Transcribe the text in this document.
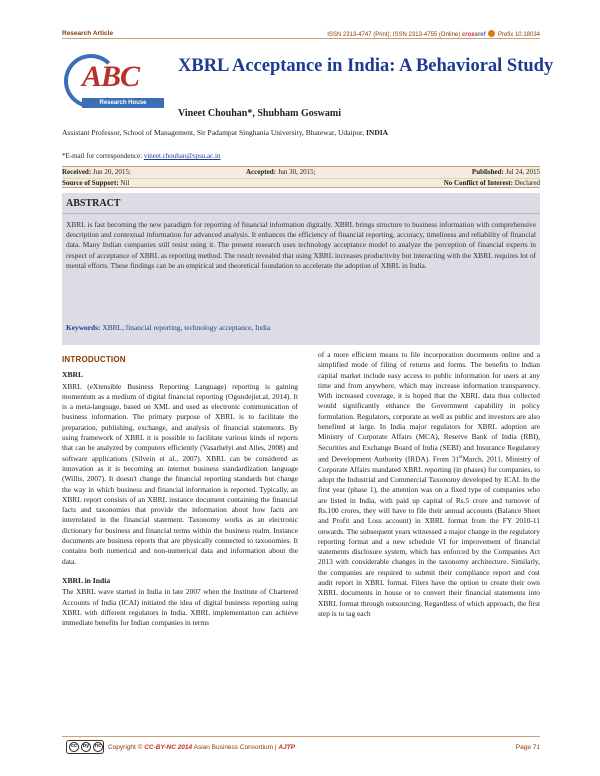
Research Article	ISSN 2313-4747 (Print); ISSN 2313-4755 (Online) crossref Prefix 10.18034
ABC
Research House
XBRL Acceptance in India: A Behavioral Study
Vineet Chouhan*, Shubham Goswami
Assistant Professor, School of Management, Sir Padampat Singhania University, Bhatewar, Udaipur, INDIA
*E-mail for correspondence: vineet.chouhan@spsu.ac.in
Received: Jun 20, 2015;	Accepted: Jun 30, 2015;	Published: Jul 24, 2015
Source of Support: Nil	No Conflict of Interest: Declared
ABSTRACT
XBRL is fast becoming the new paradigm for reporting of financial information digitally. XBRL brings structure to business information with comprehensive description and contextual information for advanced analysis. It enhances the efficiency of financial reporting, accuracy, timeliness and reliability of financial data. Many Indian companies still resist using it. The present research uses technology acceptance model to analyze the perception of financial experts in respect of acceptance of XBRL as reporting method. The result revealed that using XBRL increases productivity but interacting with the XBRL requires lot of mental efforts. These findings can be an empirical and theoretical foundation to accelerate the adoption of XBRL in India.
Keywords: XBRL, financial reporting, technology acceptance, India
INTRODUCTION
XBRL

XBRL (eXtensible Business Reporting Language) reporting is gaining momentum as a medium of digital financial reporting (Ogundejiet.al, 2014). It is a meta-language, based on XML and used as electronic communication of business information. The primary purpose of XBRL is to facilitate the preparation, publishing, exchange, and analysis of financial statements. By using framework of XBRL it is possible to facilitate various kinds of reports that can be analyzed by computers efficiently (Vasarhelyi and Alles, 2008) and software applications (Silvein et al., 2007). XBRL can be considered as innovation as it is becoming an internet business standardization language (Willis, 2007). It doesn't change the financial reporting standards but change the way in which business and financial information is reported. Typically, an XBRL report consists of an XBRL instance document containing the financial facts and taxonomies that provide the information about how facts are interrelated in the financial statement. Taxonomy works as an electronic dictionary for business and financial terms within the business realm. Instance documents are business reports that are physically connected to taxonomies. It contains both numerical and non-numerical data and information about the data.

XBRL in India

The XBRL wave started in India in late 2007 when the Institute of Chartered Accounts of India (ICAI) initiated the idea of digital business reporting using XBRL with different regulators in India. XBRL implementation can achieve immediate benefits for Indian companies in terms

of a more efficient means to file incorporation documents online and a simplified mode of filing of returns and forms. The benefits to Indian capital market include easy access to public information for users at any time and from anywhere, which may increase information transparency. With increased coverage, it is hoped that the XBRL data thus collected would significantly enhance the Government capability in policy formulation. Regulators, corporate as well as public and investors are also benefited at large. In India major regulators for XBRL adoption are Ministry of Corporate Affairs (MCA), Reserve Bank of India (RBI), Securities and Exchange Board of India (SEBI) and Insurance Regulatory and Development Authority (IRDA). From 31stMarch, 2011, Ministry of Corporate Affairs mandated XBRL reporting (in phases) for companies, to adopt the Industrial and Commercial Taxonomy developed by ICAI. In the first year (phase 1), the attention was on a fixed type of companies who are listed in India, with paid up capital of Rs.5 crore and turnover of Rs.100 crores, they will have to file their annual accounts (Balance Sheet and Profit and Loss account) in XBRL format from the FY 2010-11 onwards. The subsequent years witnessed a major change in the regulatory reporting format and a new schedule VI for improvement of financial statements disclosure system, which has enforced by the Companies Act 2013 with considerable changes in the taxonomy architecture. Similarly, the companies are required to submit their compliance report and cost audit report in XBRL format. Filers have the option to create their own XBRL documents in house or to convert their financial statements into XBRL format through outsourcing. Regardless of which approach, the first step is to tag each

cc	by	nc Copyright © CC-BY-NC 2014 Asian Business Consortium | AJTP	Page 71
